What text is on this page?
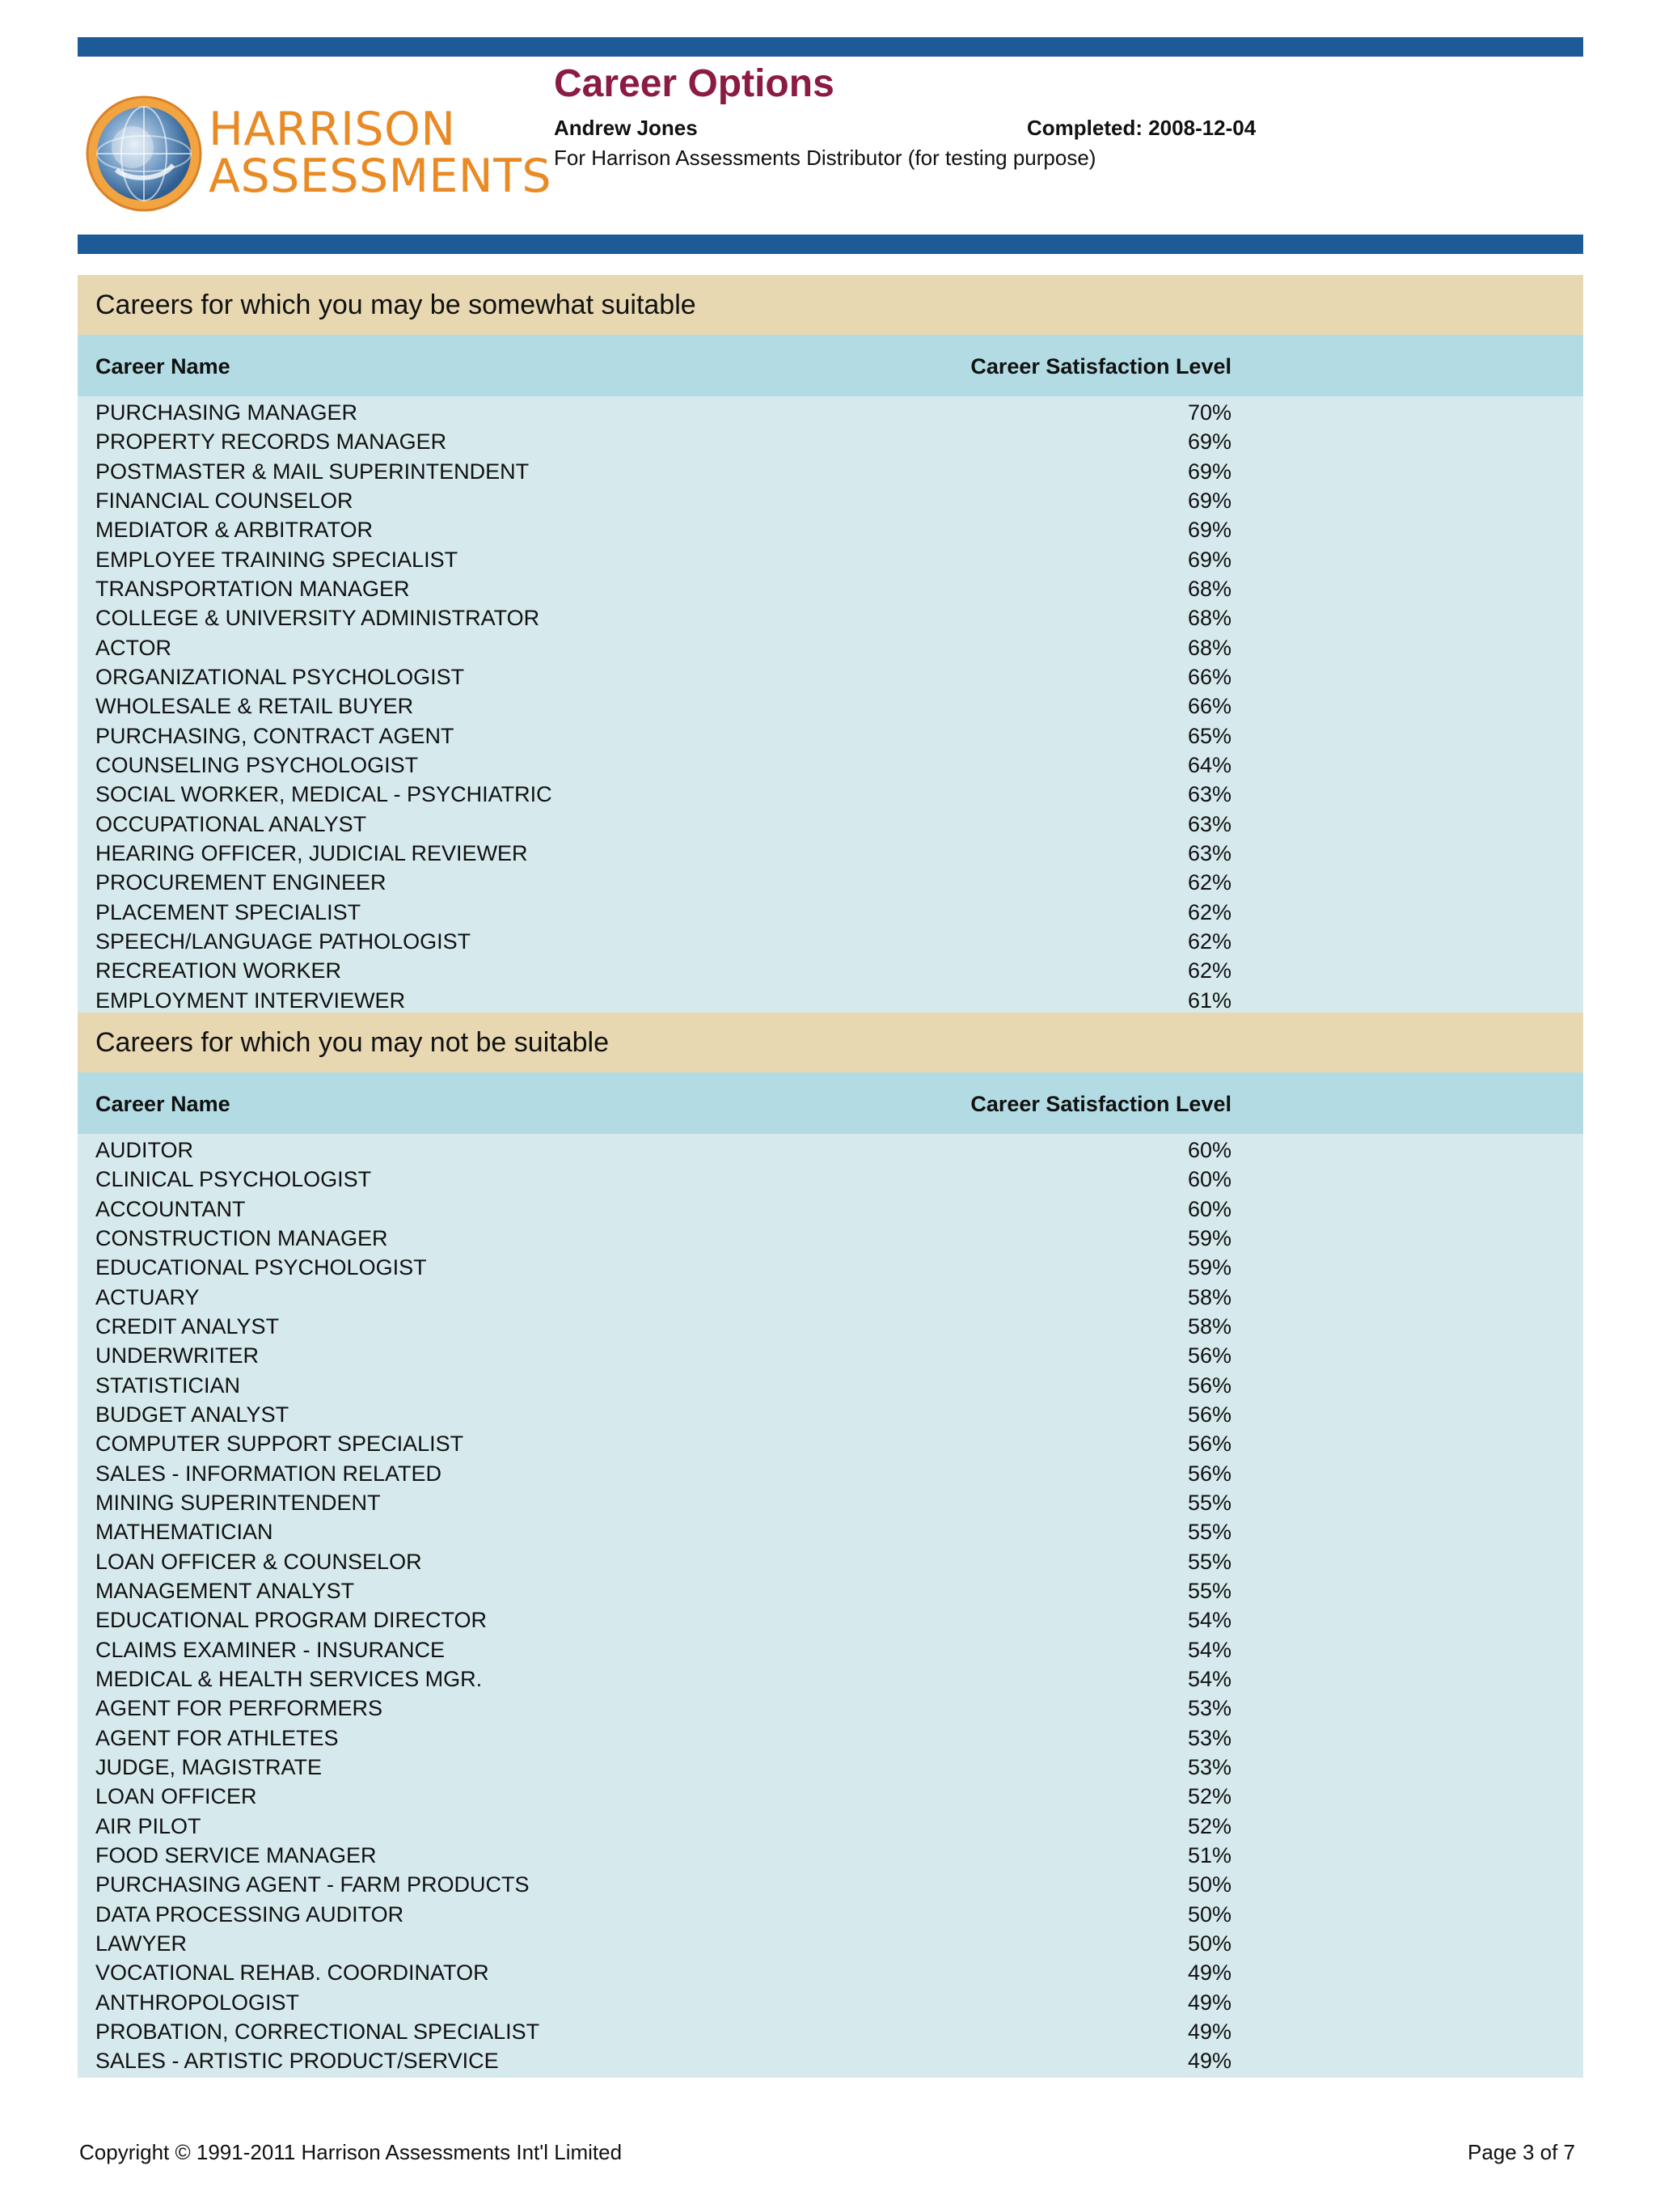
HARRISON
ASSESSMENTS
Career Options
Andrew Jones	Completed: 2008-12-04
For Harrison Assessments Distributor (for testing purpose)
Careers for which you may be somewhat suitable
Career Name	Career Satisfaction Level
PURCHASING MANAGER	70%
PROPERTY RECORDS MANAGER	69%
POSTMASTER & MAIL SUPERINTENDENT	69%
FINANCIAL COUNSELOR	69%
MEDIATOR & ARBITRATOR	69%
EMPLOYEE TRAINING SPECIALIST	69%
TRANSPORTATION MANAGER	68%
COLLEGE & UNIVERSITY ADMINISTRATOR	68%
ACTOR	68%
ORGANIZATIONAL PSYCHOLOGIST	66%
WHOLESALE & RETAIL BUYER	66%
PURCHASING, CONTRACT AGENT	65%
COUNSELING PSYCHOLOGIST	64%
SOCIAL WORKER, MEDICAL - PSYCHIATRIC	63%
OCCUPATIONAL ANALYST	63%
HEARING OFFICER, JUDICIAL REVIEWER	63%
PROCUREMENT ENGINEER	62%
PLACEMENT SPECIALIST	62%
SPEECH/LANGUAGE PATHOLOGIST	62%
RECREATION WORKER	62%
EMPLOYMENT INTERVIEWER	61%
Careers for which you may not be suitable
Career Name	Career Satisfaction Level
AUDITOR	60%
CLINICAL PSYCHOLOGIST	60%
ACCOUNTANT	60%
CONSTRUCTION MANAGER	59%
EDUCATIONAL PSYCHOLOGIST	59%
ACTUARY	58%
CREDIT ANALYST	58%
UNDERWRITER	56%
STATISTICIAN	56%
BUDGET ANALYST	56%
COMPUTER SUPPORT SPECIALIST	56%
SALES - INFORMATION RELATED	56%
MINING SUPERINTENDENT	55%
MATHEMATICIAN	55%
LOAN OFFICER & COUNSELOR	55%
MANAGEMENT ANALYST	55%
EDUCATIONAL PROGRAM DIRECTOR	54%
CLAIMS EXAMINER - INSURANCE	54%
MEDICAL & HEALTH SERVICES MGR.	54%
AGENT FOR PERFORMERS	53%
AGENT FOR ATHLETES	53%
JUDGE, MAGISTRATE	53%
LOAN OFFICER	52%
AIR PILOT	52%
FOOD SERVICE MANAGER	51%
PURCHASING AGENT - FARM PRODUCTS	50%
DATA PROCESSING AUDITOR	50%
LAWYER	50%
VOCATIONAL REHAB. COORDINATOR	49%
ANTHROPOLOGIST	49%
PROBATION, CORRECTIONAL SPECIALIST	49%
SALES - ARTISTIC PRODUCT/SERVICE	49%
Copyright © 1991-2011 Harrison Assessments Int'l Limited	Page 3 of 7
